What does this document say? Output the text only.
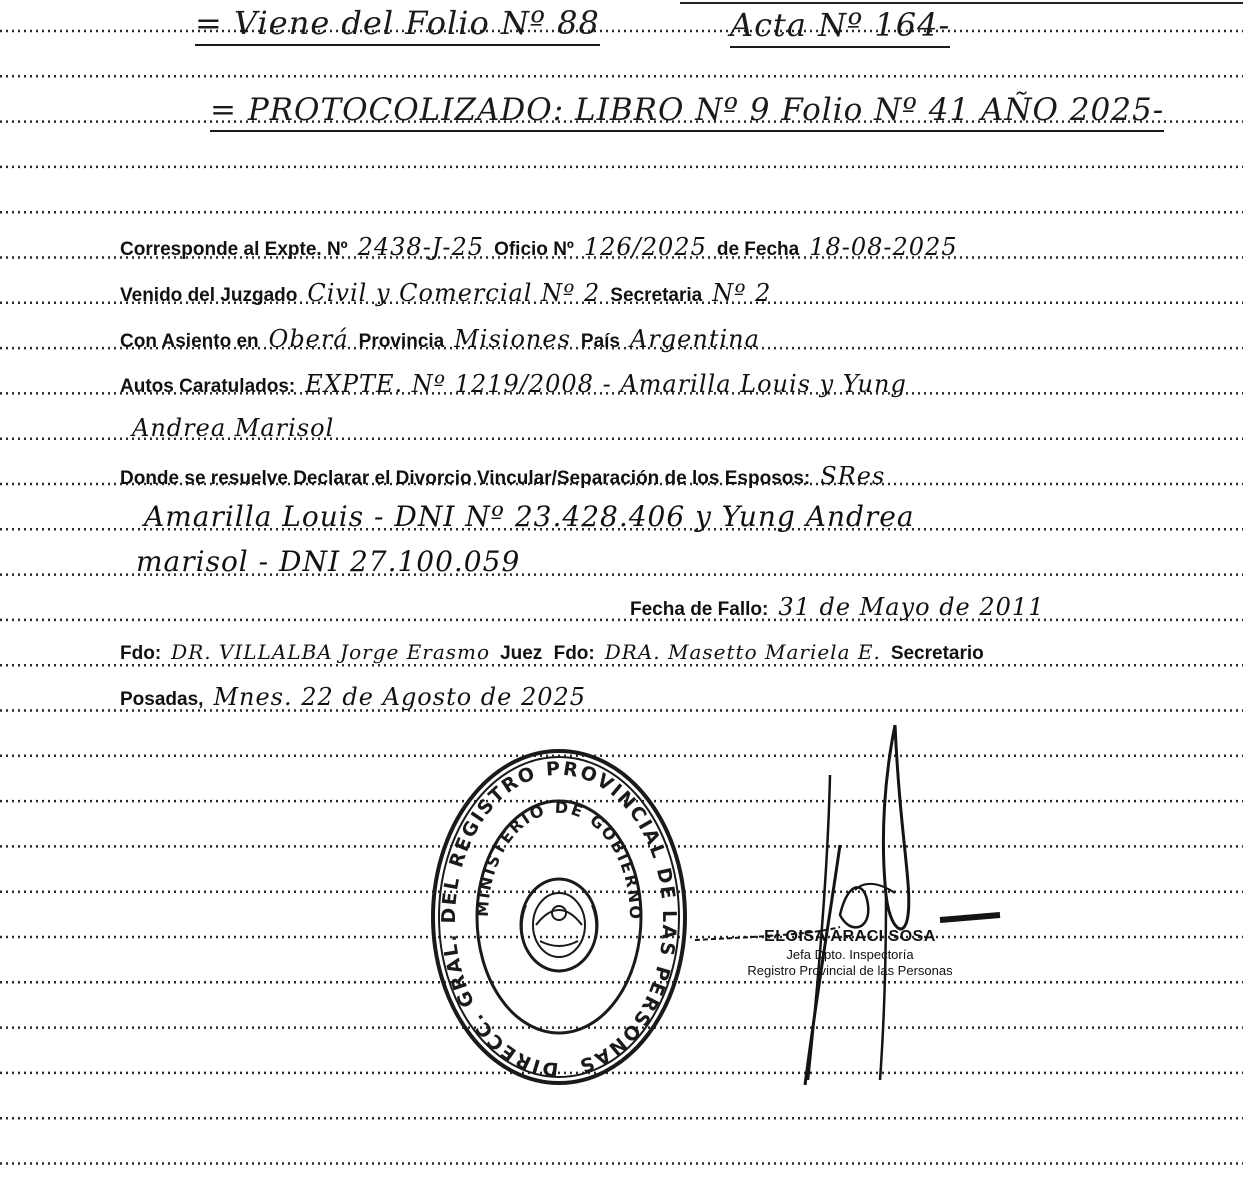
= Viene del Folio Nº 88	Acta Nº 164-
= PROTOCOLIZADO: LIBRO Nº 9 Folio Nº 41 AÑO 2025-
Corresponde al Expte. Nº 2438-J-25 Oficio Nº 126/2025 de Fecha 18-08-2025
Venido del Juzgado Civil y Comercial Nº 2 Secretaria Nº 2
Con Asiento en Oberá Provincia Misiones País Argentina
Autos Caratulados: EXPTE. Nº 1219/2008 - Amarilla Louis y Yung
Andrea Marisol
Donde se resuelve Declarar el Divorcio Vincular/Separación de los Esposos: SRes
Amarilla Louis - DNI Nº 23.428.406 y Yung Andrea
marisol - DNI 27.100.059
Fecha de Fallo: 31 de Mayo de 2011
Fdo: DR. VILLALBA Jorge Erasmo Juez Fdo: DRA. Masetto Mariela E. Secretario
Posadas, Mnes. 22 de Agosto de 2025
DIRECC. GRAL. DEL REGISTRO PROVINCIAL DE LAS PERSONAS
MINISTERIO DE GOBIERNO
ELOISA ARACI SOSA
Jefa Dpto. Inspectoría
Registro Provincial de las Personas
